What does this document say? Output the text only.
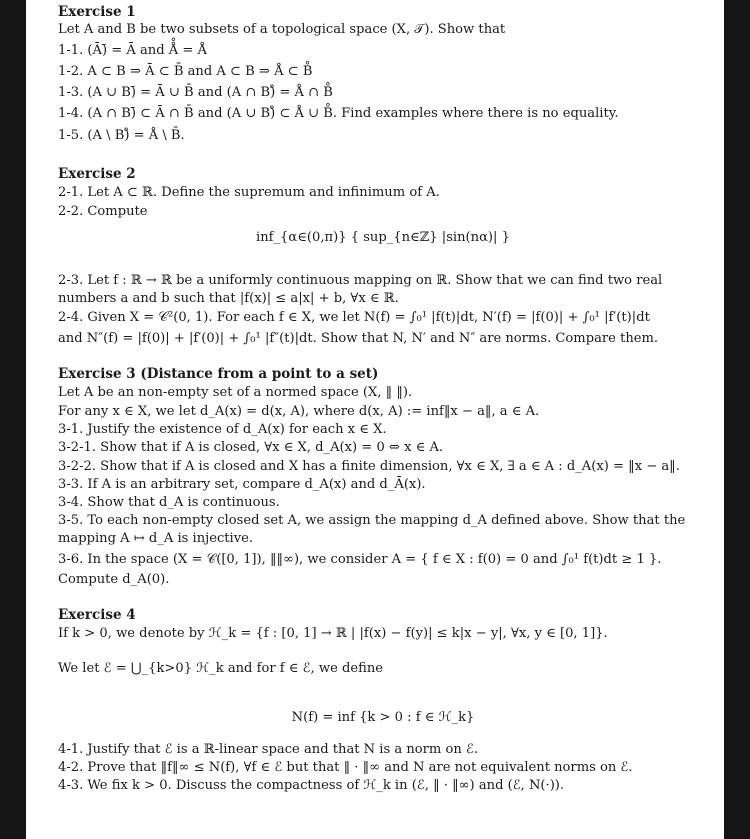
Exercise 1
Let A and B be two subsets of a topological space (X, 𝒯). Show that
1-1. (Ā)̄ = Ā and Å̊ = Å
1-2. A ⊂ B ⇒ Ā ⊂ B̄ and A ⊂ B ⇒ Å ⊂ B̊
1-3. (A ∪ B)̄ = Ā ∪ B̄ and (A ∩ B)̊ = Å ∩ B̊
1-4. (A ∩ B)̄ ⊂ Ā ∩ B̄ and (A ∪ B)̊ ⊂ Å ∪ B̊. Find examples where there is no equality.
1-5. (A \ B)̊ = Å \ B̄.
Exercise 2
2-1. Let A ⊂ ℝ. Define the supremum and infinimum of A.
2-2. Compute
inf_{α∈(0,π)} { sup_{n∈ℤ} |sin(nα)| }
2-3. Let f : ℝ → ℝ be a uniformly continuous mapping on ℝ. Show that we can find two real
numbers a and b such that |f(x)| ≤ a|x| + b, ∀x ∈ ℝ.
2-4. Given X = 𝒞²(0, 1). For each f ∈ X, we let N(f) = ∫₀¹ |f(t)|dt, N′(f) = |f(0)| + ∫₀¹ |f′(t)|dt
and N″(f) = |f(0)| + |f′(0)| + ∫₀¹ |f″(t)|dt. Show that N, N′ and N″ are norms. Compare them.
Exercise 3 (Distance from a point to a set)
Let A be an non-empty set of a normed space (X, ‖ ‖).
For any x ∈ X, we let d_A(x) = d(x, A), where d(x, A) := inf‖x − a‖, a ∈ A.
3-1. Justify the existence of d_A(x) for each x ∈ X.
3-2-1. Show that if A is closed, ∀x ∈ X, d_A(x) = 0 ⇔ x ∈ A.
3-2-2. Show that if A is closed and X has a finite dimension, ∀x ∈ X, ∃ a ∈ A : d_A(x) = ‖x − a‖.
3-3. If A is an arbitrary set, compare d_A(x) and d_Ā(x).
3-4. Show that d_A is continuous.
3-5. To each non-empty closed set A, we assign the mapping d_A defined above. Show that the
mapping A ↦ d_A is injective.
3-6. In the space (X = 𝒞([0, 1]), ‖‖∞), we consider A = { f ∈ X : f(0) = 0 and ∫₀¹ f(t)dt ≥ 1 }.
Compute d_A(0).
Exercise 4
If k > 0, we denote by ℋ_k = {f : [0, 1] → ℝ | |f(x) − f(y)| ≤ k|x − y|, ∀x, y ∈ [0, 1]}.
We let ℰ = ⋃_{k>0} ℋ_k and for f ∈ ℰ, we define
N(f) = inf {k > 0 : f ∈ ℋ_k}
4-1. Justify that ℰ is a ℝ-linear space and that N is a norm on ℰ.
4-2. Prove that ‖f‖∞ ≤ N(f), ∀f ∈ ℰ but that ‖ · ‖∞ and N are not equivalent norms on ℰ.
4-3. We fix k > 0. Discuss the compactness of ℋ_k in (ℰ, ‖ · ‖∞) and (ℰ, N(·)).
